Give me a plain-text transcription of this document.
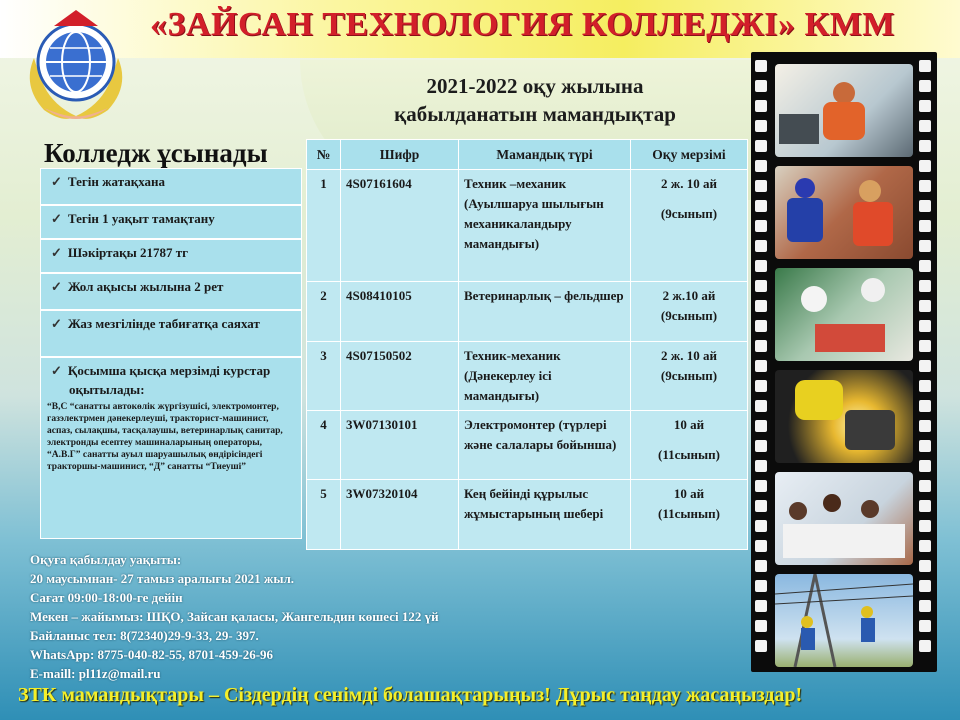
«ЗАЙСАН ТЕХНОЛОГИЯ КОЛЛЕДЖІ» КММ
2021-2022 оқу жылына
қабылданатын мамандықтар
Колледж ұсынады
✓ Тегін жатақхана
✓ Тегін 1 уақыт тамақтану
✓ Шәкіртақы 21787 тг
✓ Жол ақысы жылына 2 рет
✓ Жаз мезгілінде табиғатқа саяхат
✓ Қосымша қысқа мерзімді курстар оқытылады:
“В,С “санатты автокөлік жүргізушісі, электромонтер, газэлектрмен дәнекерлеуші, тракторист-машинист, аспаз, сылақшы, тасқалаушы, ветеринарлық санитар, электронды есептеу машиналарының операторы, “А.В.Г” санатты ауыл шаруашылық өндірісіндегі тракторшы-машинист, “Д” санатты “Тиеуші”
№	Шифр	Мамандық түрі	Оқу мерзімі
1	4S07161604	Техник –механик (Ауылшаруа шылығын механикаландыру мамандығы)	2 ж. 10 ай
(9сынып)

2	4S08410105	Ветеринарлық – фельдшер	2 ж.10 ай
(9сынып)

3	4S07150502	Техник-механик (Дәнекерлеу ісі мамандығы)	2 ж. 10 ай
(9сынып)

4	3W07130101	Электромонтер (түрлері және салалары бойынша)	10 ай
(11сынып)

5	3W07320104	Кең бейінді құрылыс жұмыстарының шебері	10 ай
(11сынып)
Оқуға қабылдау уақыты:
20 маусымнан- 27 тамыз аралығы 2021 жыл.
Сағат 09:00-18:00-ге дейін
Мекен – жайымыз: ШҚО, Зайсан қаласы, Жангельдин көшесі 122 үй
Байланыс тел: 8(72340)29-9-33, 29- 397.
WhatsApp: 8775-040-82-55, 8701-459-26-96
E-maill: pl11z@mail.ru
ЗТК мамандықтары – Сіздердің сенімді болашақтарыңыз! Дұрыс таңдау жасаңыздар!
